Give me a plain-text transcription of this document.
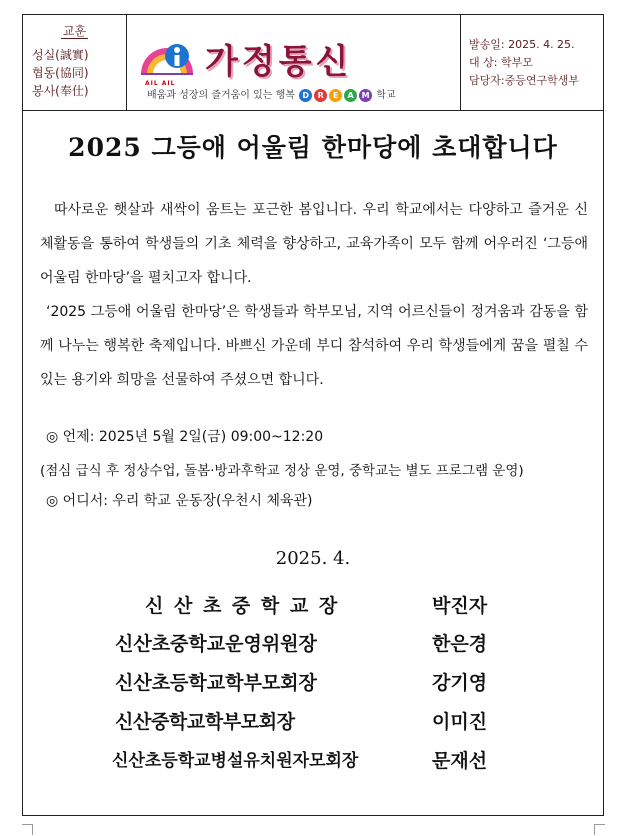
교훈
성실(誠實)
협동(協同)
봉사(奉仕)
AIL AIL
가정통신
배움과 성장의 즐거움이 있는 행복 D R E A M 학교
발송일: 2025. 4. 25.
대 상: 학부모
담당자:중등연구학생부
2025 그등애 어울림 한마당에 초대합니다

따사로운 햇살과 새싹이 움트는 포근한 봄입니다. 우리 학교에서는 다양하고 즐거운 신체활동을 통하여 학생들의 기초 체력을 향상하고, 교육가족이 모두 함께 어우러진 ‘그등애 어울림 한마당’을 펼치고자 합니다.

‘2025 그등애 어울림 한마당’은 학생들과 학부모님, 지역 어르신들이 정겨움과 감동을 함께 나누는 행복한 축제입니다. 바쁘신 가운데 부디 참석하여 우리 학생들에게 꿈을 펼칠 수 있는 용기와 희망을 선물하여 주셨으면 합니다.

◎ 언제: 2025년 5월 2일(금) 09:00~12:20
(점심 급식 후 정상수업, 돌봄·방과후학교 정상 운영, 중학교는 별도 프로그램 운영)
◎ 어디서: 우리 학교 운동장(우천시 체육관)
2025. 4.
신 산 초 중 학 교 장	박진자
신산초중학교운영위원장	한은경
신산초등학교학부모회장	강기영
신 산 중 학 교 학 부 모 회 장	이미진
신산초등학교병설유치원자모회장	문재선
